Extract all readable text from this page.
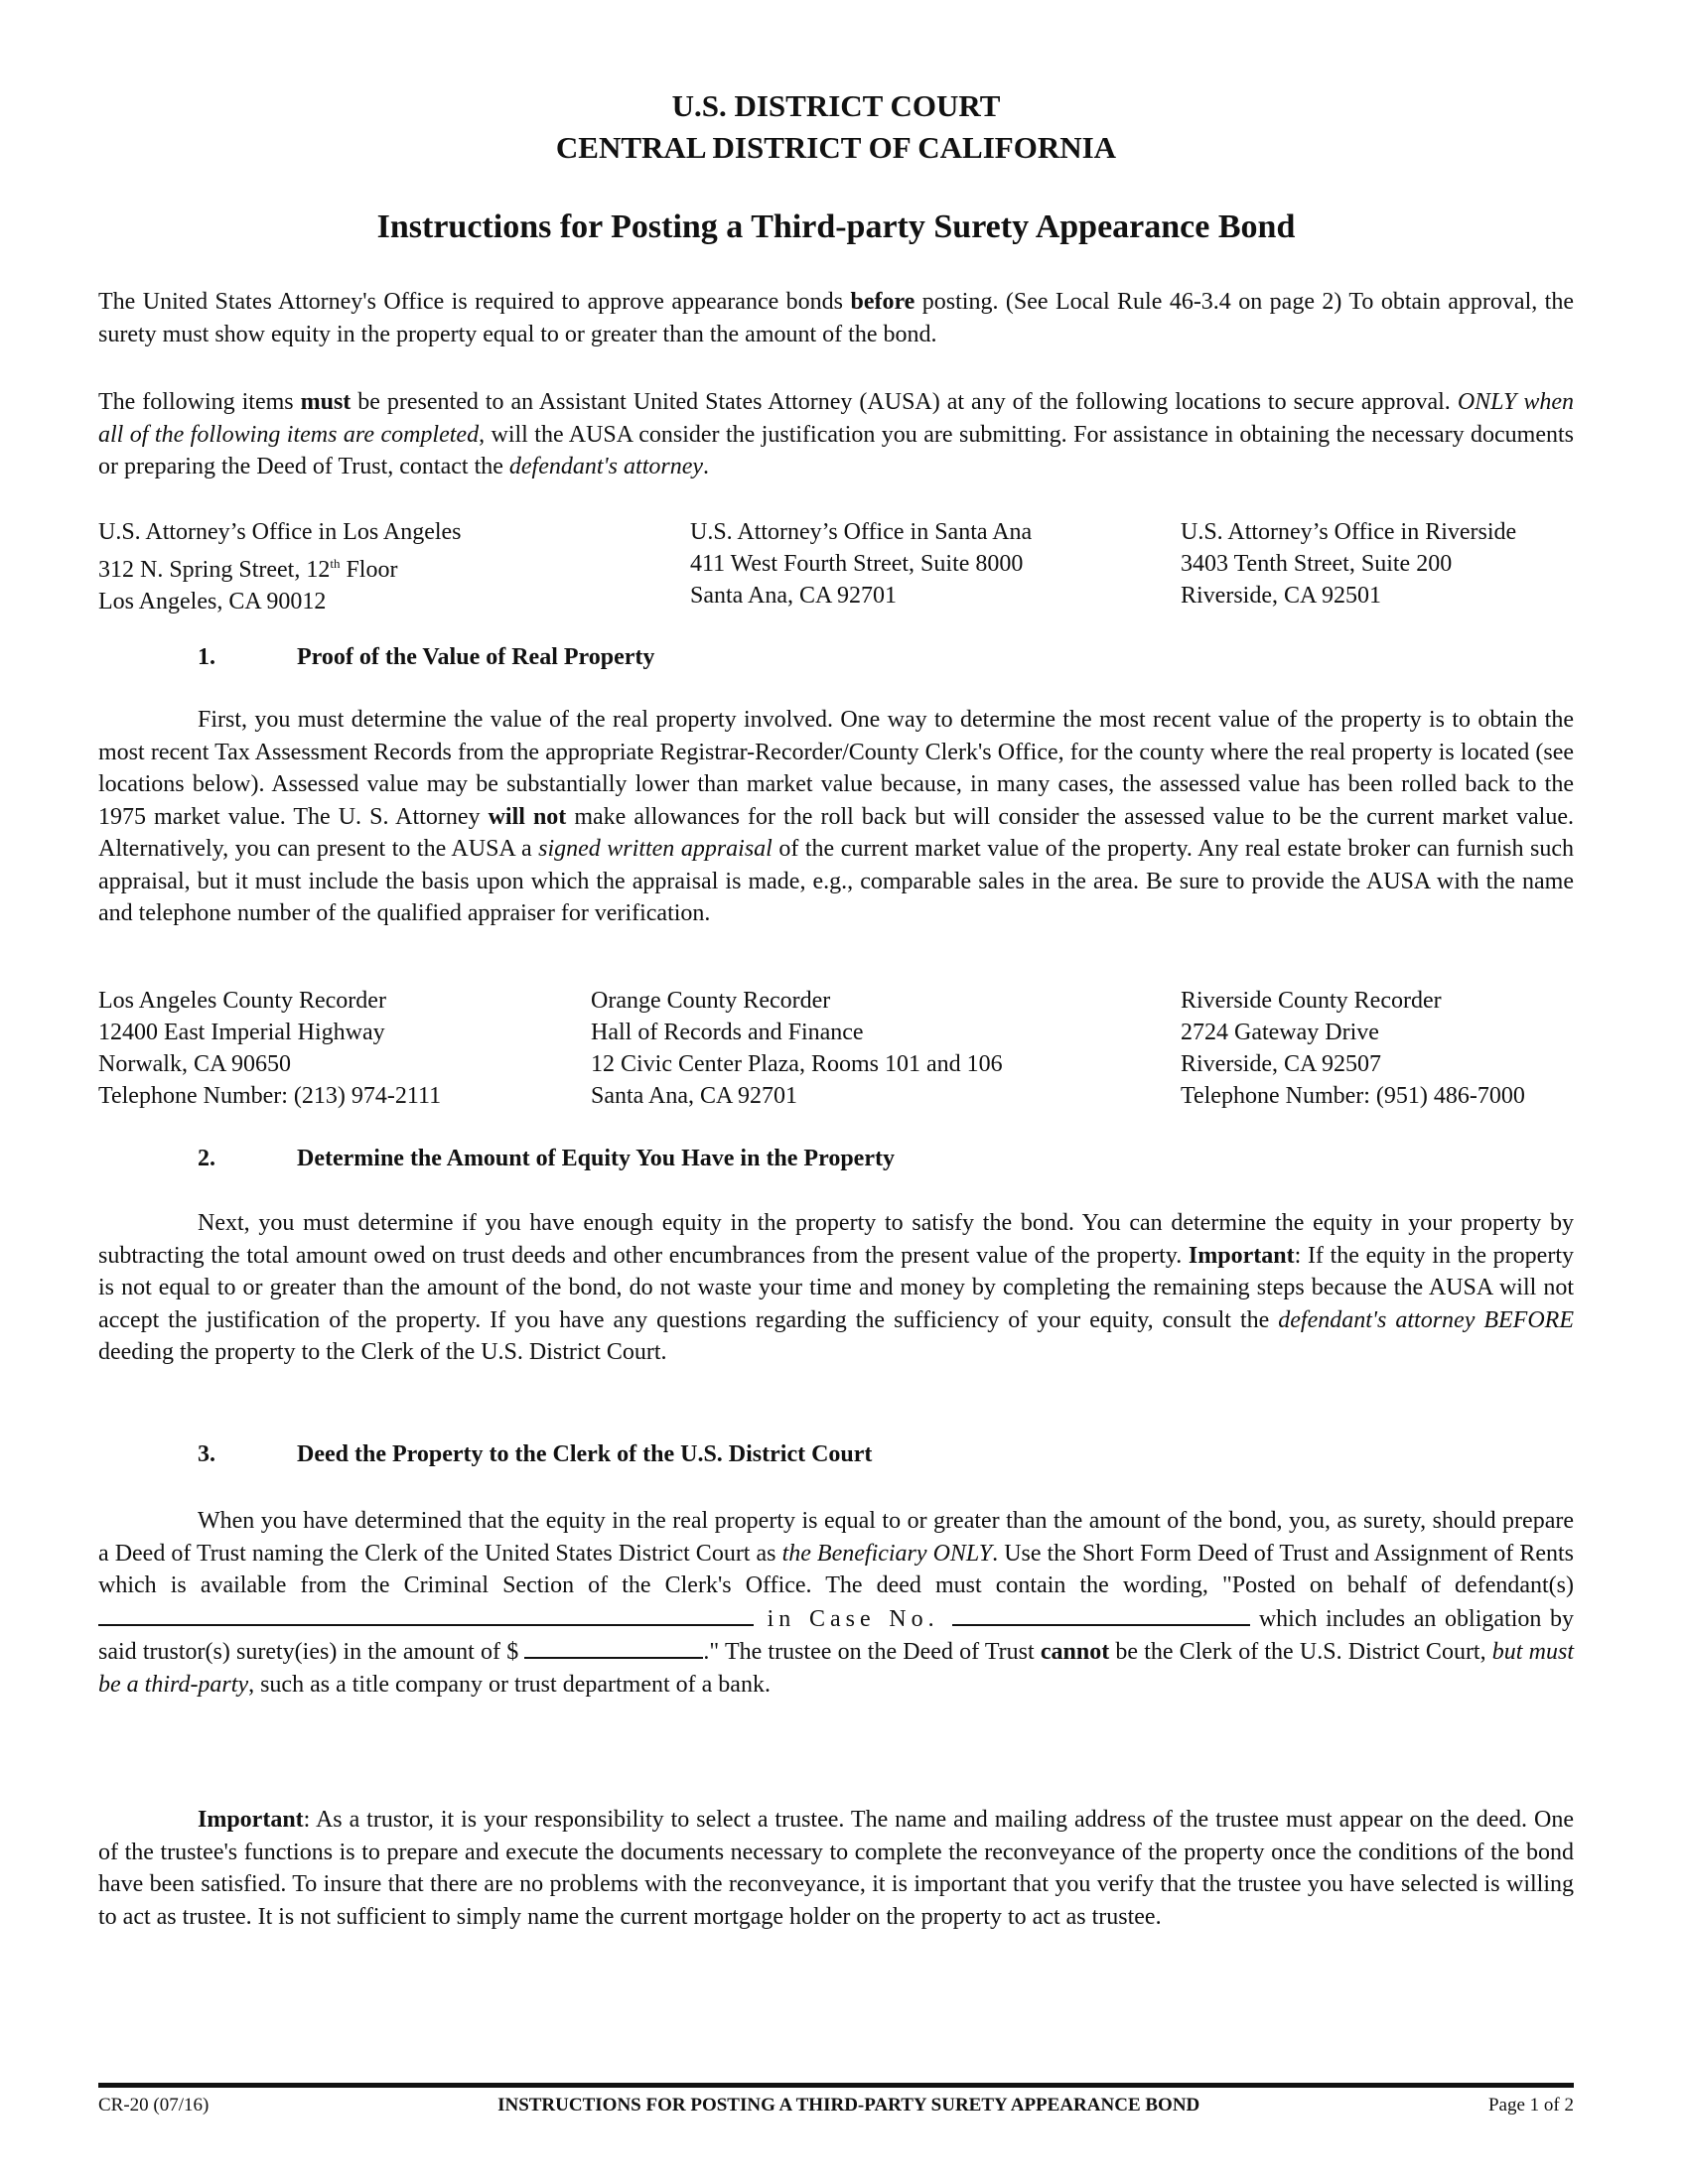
U.S. DISTRICT COURT
CENTRAL DISTRICT OF CALIFORNIA
Instructions for Posting a Third-party Surety Appearance Bond

The United States Attorney's Office is required to approve appearance bonds before posting. (See Local Rule 46-3.4 on page 2) To obtain approval, the surety must show equity in the property equal to or greater than the amount of the bond.

The following items must be presented to an Assistant United States Attorney (AUSA) at any of the following locations to secure approval. ONLY when all of the following items are completed, will the AUSA consider the justification you are submitting. For assistance in obtaining the necessary documents or preparing the Deed of Trust, contact the defendant's attorney.

U.S. Attorney’s Office in Los Angeles
312 N. Spring Street, 12th Floor
Los Angeles, CA 90012
U.S. Attorney’s Office in Santa Ana
411 West Fourth Street, Suite 8000
Santa Ana, CA 92701
U.S. Attorney’s Office in Riverside
3403 Tenth Street, Suite 200
Riverside, CA 92501
1.	Proof of the Value of Real Property

First, you must determine the value of the real property involved. One way to determine the most recent value of the property is to obtain the most recent Tax Assessment Records from the appropriate Registrar-Recorder/County Clerk's Office, for the county where the real property is located (see locations below). Assessed value may be substantially lower than market value because, in many cases, the assessed value has been rolled back to the 1975 market value. The U. S. Attorney will not make allowances for the roll back but will consider the assessed value to be the current market value. Alternatively, you can present to the AUSA a signed written appraisal of the current market value of the property. Any real estate broker can furnish such appraisal, but it must include the basis upon which the appraisal is made, e.g., comparable sales in the area. Be sure to provide the AUSA with the name and telephone number of the qualified appraiser for verification.

Los Angeles County Recorder
12400 East Imperial Highway
Norwalk, CA 90650
Telephone Number: (213) 974-2111
Orange County Recorder
Hall of Records and Finance
12 Civic Center Plaza, Rooms 101 and 106
Santa Ana, CA 92701
Riverside County Recorder
2724 Gateway Drive
Riverside, CA 92507
Telephone Number: (951) 486-7000
2.	Determine the Amount of Equity You Have in the Property

Next, you must determine if you have enough equity in the property to satisfy the bond. You can determine the equity in your property by subtracting the total amount owed on trust deeds and other encumbrances from the present value of the property. Important: If the equity in the property is not equal to or greater than the amount of the bond, do not waste your time and money by completing the remaining steps because the AUSA will not accept the justification of the property. If you have any questions regarding the sufficiency of your equity, consult the defendant's attorney BEFORE deeding the property to the Clerk of the U.S. District Court.

3.	Deed the Property to the Clerk of the U.S. District Court

When you have determined that the equity in the real property is equal to or greater than the amount of the bond, you, as surety, should prepare a Deed of Trust naming the Clerk of the United States District Court as the Beneficiary ONLY. Use the Short Form Deed of Trust and Assignment of Rents which is available from the Criminal Section of the Clerk's Office. The deed must contain the wording, "Posted on behalf of defendant(s)  in Case No.	which includes an obligation by said trustor(s) surety(ies) in the amount of $	." The trustee on the Deed of Trust cannot be the Clerk of the U.S. District Court, but must be a third-party, such as a title company or trust department of a bank.

Important: As a trustor, it is your responsibility to select a trustee. The name and mailing address of the trustee must appear on the deed. One of the trustee's functions is to prepare and execute the documents necessary to complete the reconveyance of the property once the conditions of the bond have been satisfied. To insure that there are no problems with the reconveyance, it is important that you verify that the trustee you have selected is willing to act as trustee. It is not sufficient to simply name the current mortgage holder on the property to act as trustee.

CR-20 (07/16)	INSTRUCTIONS FOR POSTING A THIRD-PARTY SURETY APPEARANCE BOND	Page 1 of 2
